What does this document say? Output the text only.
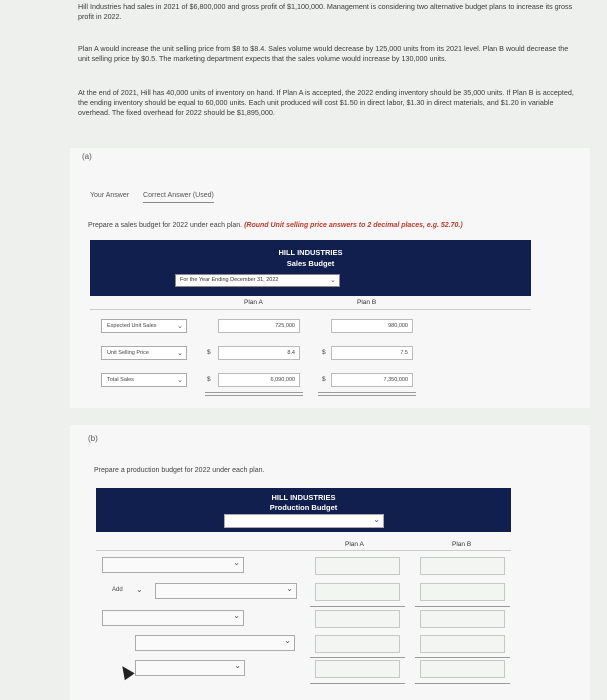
Hill Industries had sales in 2021 of $6,800,000 and gross profit of $1,100,000. Management is considering two alternative budget plans to increase its gross profit in 2022.
Plan A would increase the unit selling price from $8 to $8.4. Sales volume would decrease by 125,000 units from its 2021 level. Plan B would decrease the unit selling price by $0.5. The marketing department expects that the sales volume would increase by 130,000 units.
At the end of 2021, Hill has 40,000 units of inventory on hand. If Plan A is accepted, the 2022 ending inventory should be 35,000 units. If Plan B is accepted, the ending inventory should be equal to 60,000 units. Each unit produced will cost $1.50 in direct labor, $1.30 in direct materials, and $1.20 in variable overhead. The fixed overhead for 2022 should be $1,895,000.
(a)
Your Answer Correct Answer (Used)
Prepare a sales budget for 2022 under each plan. (Round Unit selling price answers to 2 decimal places, e.g. 52.70.)
HILL INDUSTRIES
Sales Budget
For the Year Ending December 31, 2022	⌄
Plan A	Plan B
Expected Unit Sales	⌄	725,000	980,000
Unit Selling Price	⌄	$	8.4	$	7.5
Total Sales	⌄	$	6,090,000	$	7,350,000
(b)
Prepare a production budget for 2022 under each plan.
HILL INDUSTRIES
Production Budget
⌄
Plan A	Plan B
⌄
Add ⌄	⌄
⌄
⌄
⌄
